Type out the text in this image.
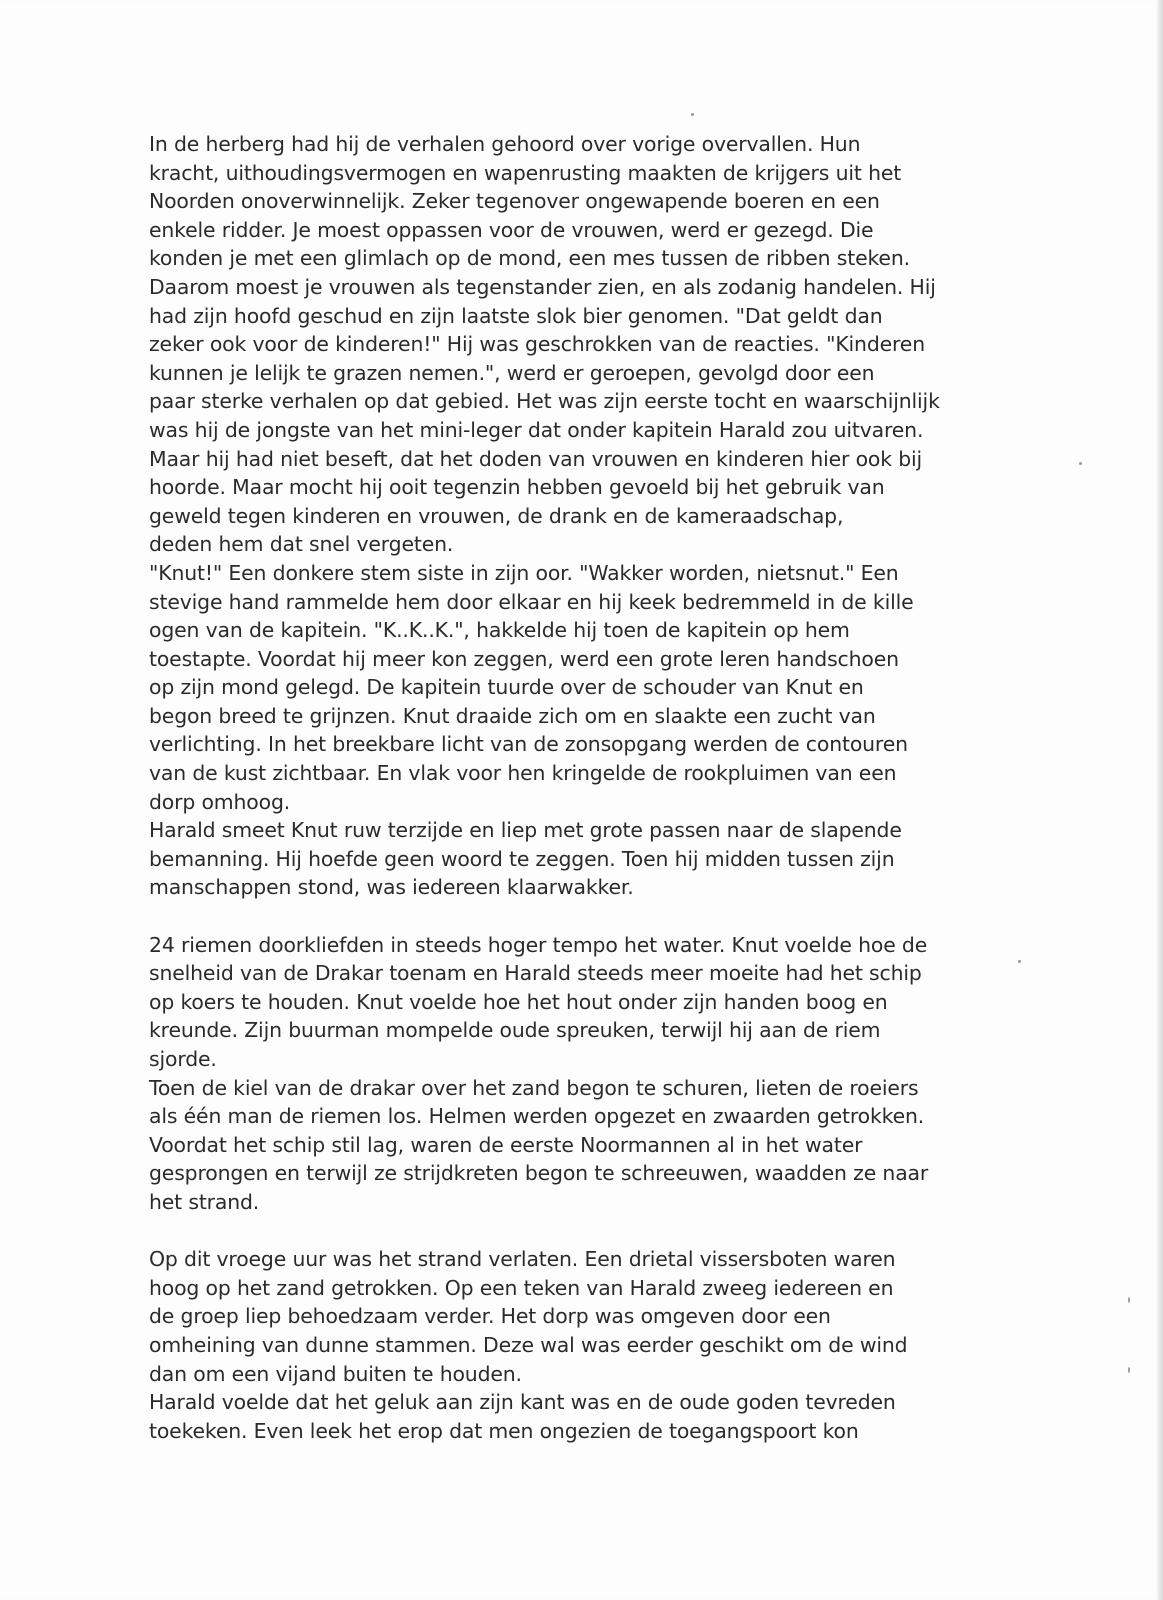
In de herberg had hij de verhalen gehoord over vorige overvallen. Hun
kracht, uithoudingsvermogen en wapenrusting maakten de krijgers uit het
Noorden onoverwinnelijk. Zeker tegenover ongewapende boeren en een
enkele ridder. Je moest oppassen voor de vrouwen, werd er gezegd. Die
konden je met een glimlach op de mond, een mes tussen de ribben steken.
Daarom moest je vrouwen als tegenstander zien, en als zodanig handelen. Hij
had zijn hoofd geschud en zijn laatste slok bier genomen. "Dat geldt dan
zeker ook voor de kinderen!" Hij was geschrokken van de reacties. "Kinderen
kunnen je lelijk te grazen nemen.", werd er geroepen, gevolgd door een
paar sterke verhalen op dat gebied. Het was zijn eerste tocht en waarschijnlijk
was hij de jongste van het mini-leger dat onder kapitein Harald zou uitvaren.
Maar hij had niet beseft, dat het doden van vrouwen en kinderen hier ook bij
hoorde. Maar mocht hij ooit tegenzin hebben gevoeld bij het gebruik van
geweld tegen kinderen en vrouwen, de drank en de kameraadschap,
deden hem dat snel vergeten.
"Knut!" Een donkere stem siste in zijn oor. "Wakker worden, nietsnut." Een
stevige hand rammelde hem door elkaar en hij keek bedremmeld in de kille
ogen van de kapitein. "K..K..K.", hakkelde hij toen de kapitein op hem
toestapte. Voordat hij meer kon zeggen, werd een grote leren handschoen
op zijn mond gelegd. De kapitein tuurde over de schouder van Knut en
begon breed te grijnzen. Knut draaide zich om en slaakte een zucht van
verlichting. In het breekbare licht van de zonsopgang werden de contouren
van de kust zichtbaar. En vlak voor hen kringelde de rookpluimen van een
dorp omhoog.
Harald smeet Knut ruw terzijde en liep met grote passen naar de slapende
bemanning. Hij hoefde geen woord te zeggen. Toen hij midden tussen zijn
manschappen stond, was iedereen klaarwakker.
24 riemen doorkliefden in steeds hoger tempo het water. Knut voelde hoe de
snelheid van de Drakar toenam en Harald steeds meer moeite had het schip
op koers te houden. Knut voelde hoe het hout onder zijn handen boog en
kreunde. Zijn buurman mompelde oude spreuken, terwijl hij aan de riem
sjorde.
Toen de kiel van de drakar over het zand begon te schuren, lieten de roeiers
als één man de riemen los. Helmen werden opgezet en zwaarden getrokken.
Voordat het schip stil lag, waren de eerste Noormannen al in het water
gesprongen en terwijl ze strijdkreten begon te schreeuwen, waadden ze naar
het strand.
Op dit vroege uur was het strand verlaten. Een drietal vissersboten waren
hoog op het zand getrokken. Op een teken van Harald zweeg iedereen en
de groep liep behoedzaam verder. Het dorp was omgeven door een
omheining van dunne stammen. Deze wal was eerder geschikt om de wind
dan om een vijand buiten te houden.
Harald voelde dat het geluk aan zijn kant was en de oude goden tevreden
toekeken. Even leek het erop dat men ongezien de toegangspoort kon
